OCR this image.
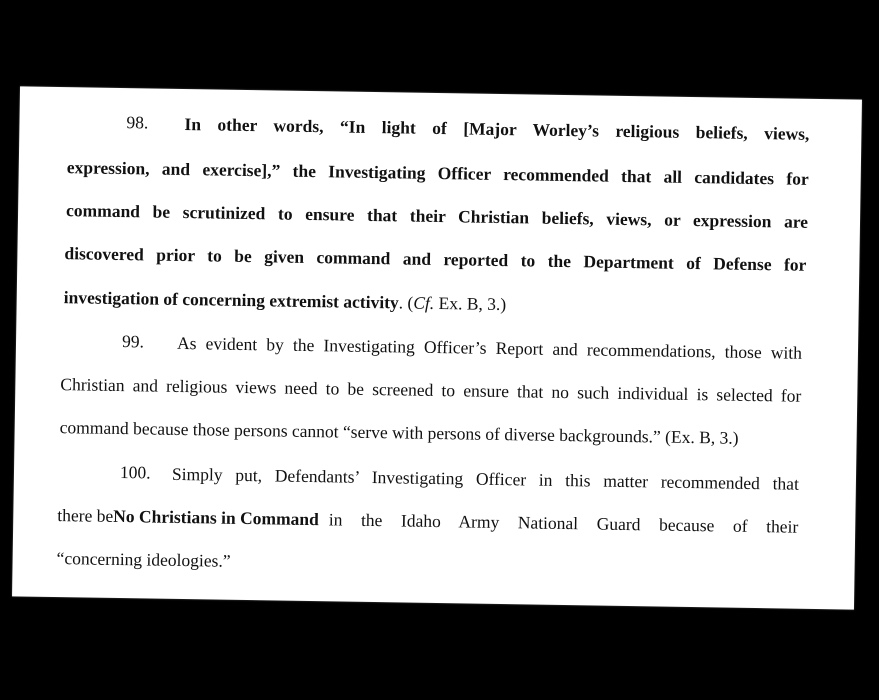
98. In other words, “In light of [Major Worley’s religious beliefs, views,
expression, and exercise],” the Investigating Officer recommended that all candidates for
command be scrutinized to ensure that their Christian beliefs, views, or expression are
discovered prior to be given command and reported to the Department of Defense for
investigation of concerning extremist activity. (Cf. Ex. B, 3.)
99. As evident by the Investigating Officer’s Report and recommendations, those with
Christian and religious views need to be screened to ensure that no such individual is selected for
command because those persons cannot “serve with persons of diverse backgrounds.” (Ex. B, 3.)
100. Simply put, Defendants’ Investigating Officer in this matter recommended that
there be No Christians in Command in the Idaho Army National Guard because of their
“concerning ideologies.”
